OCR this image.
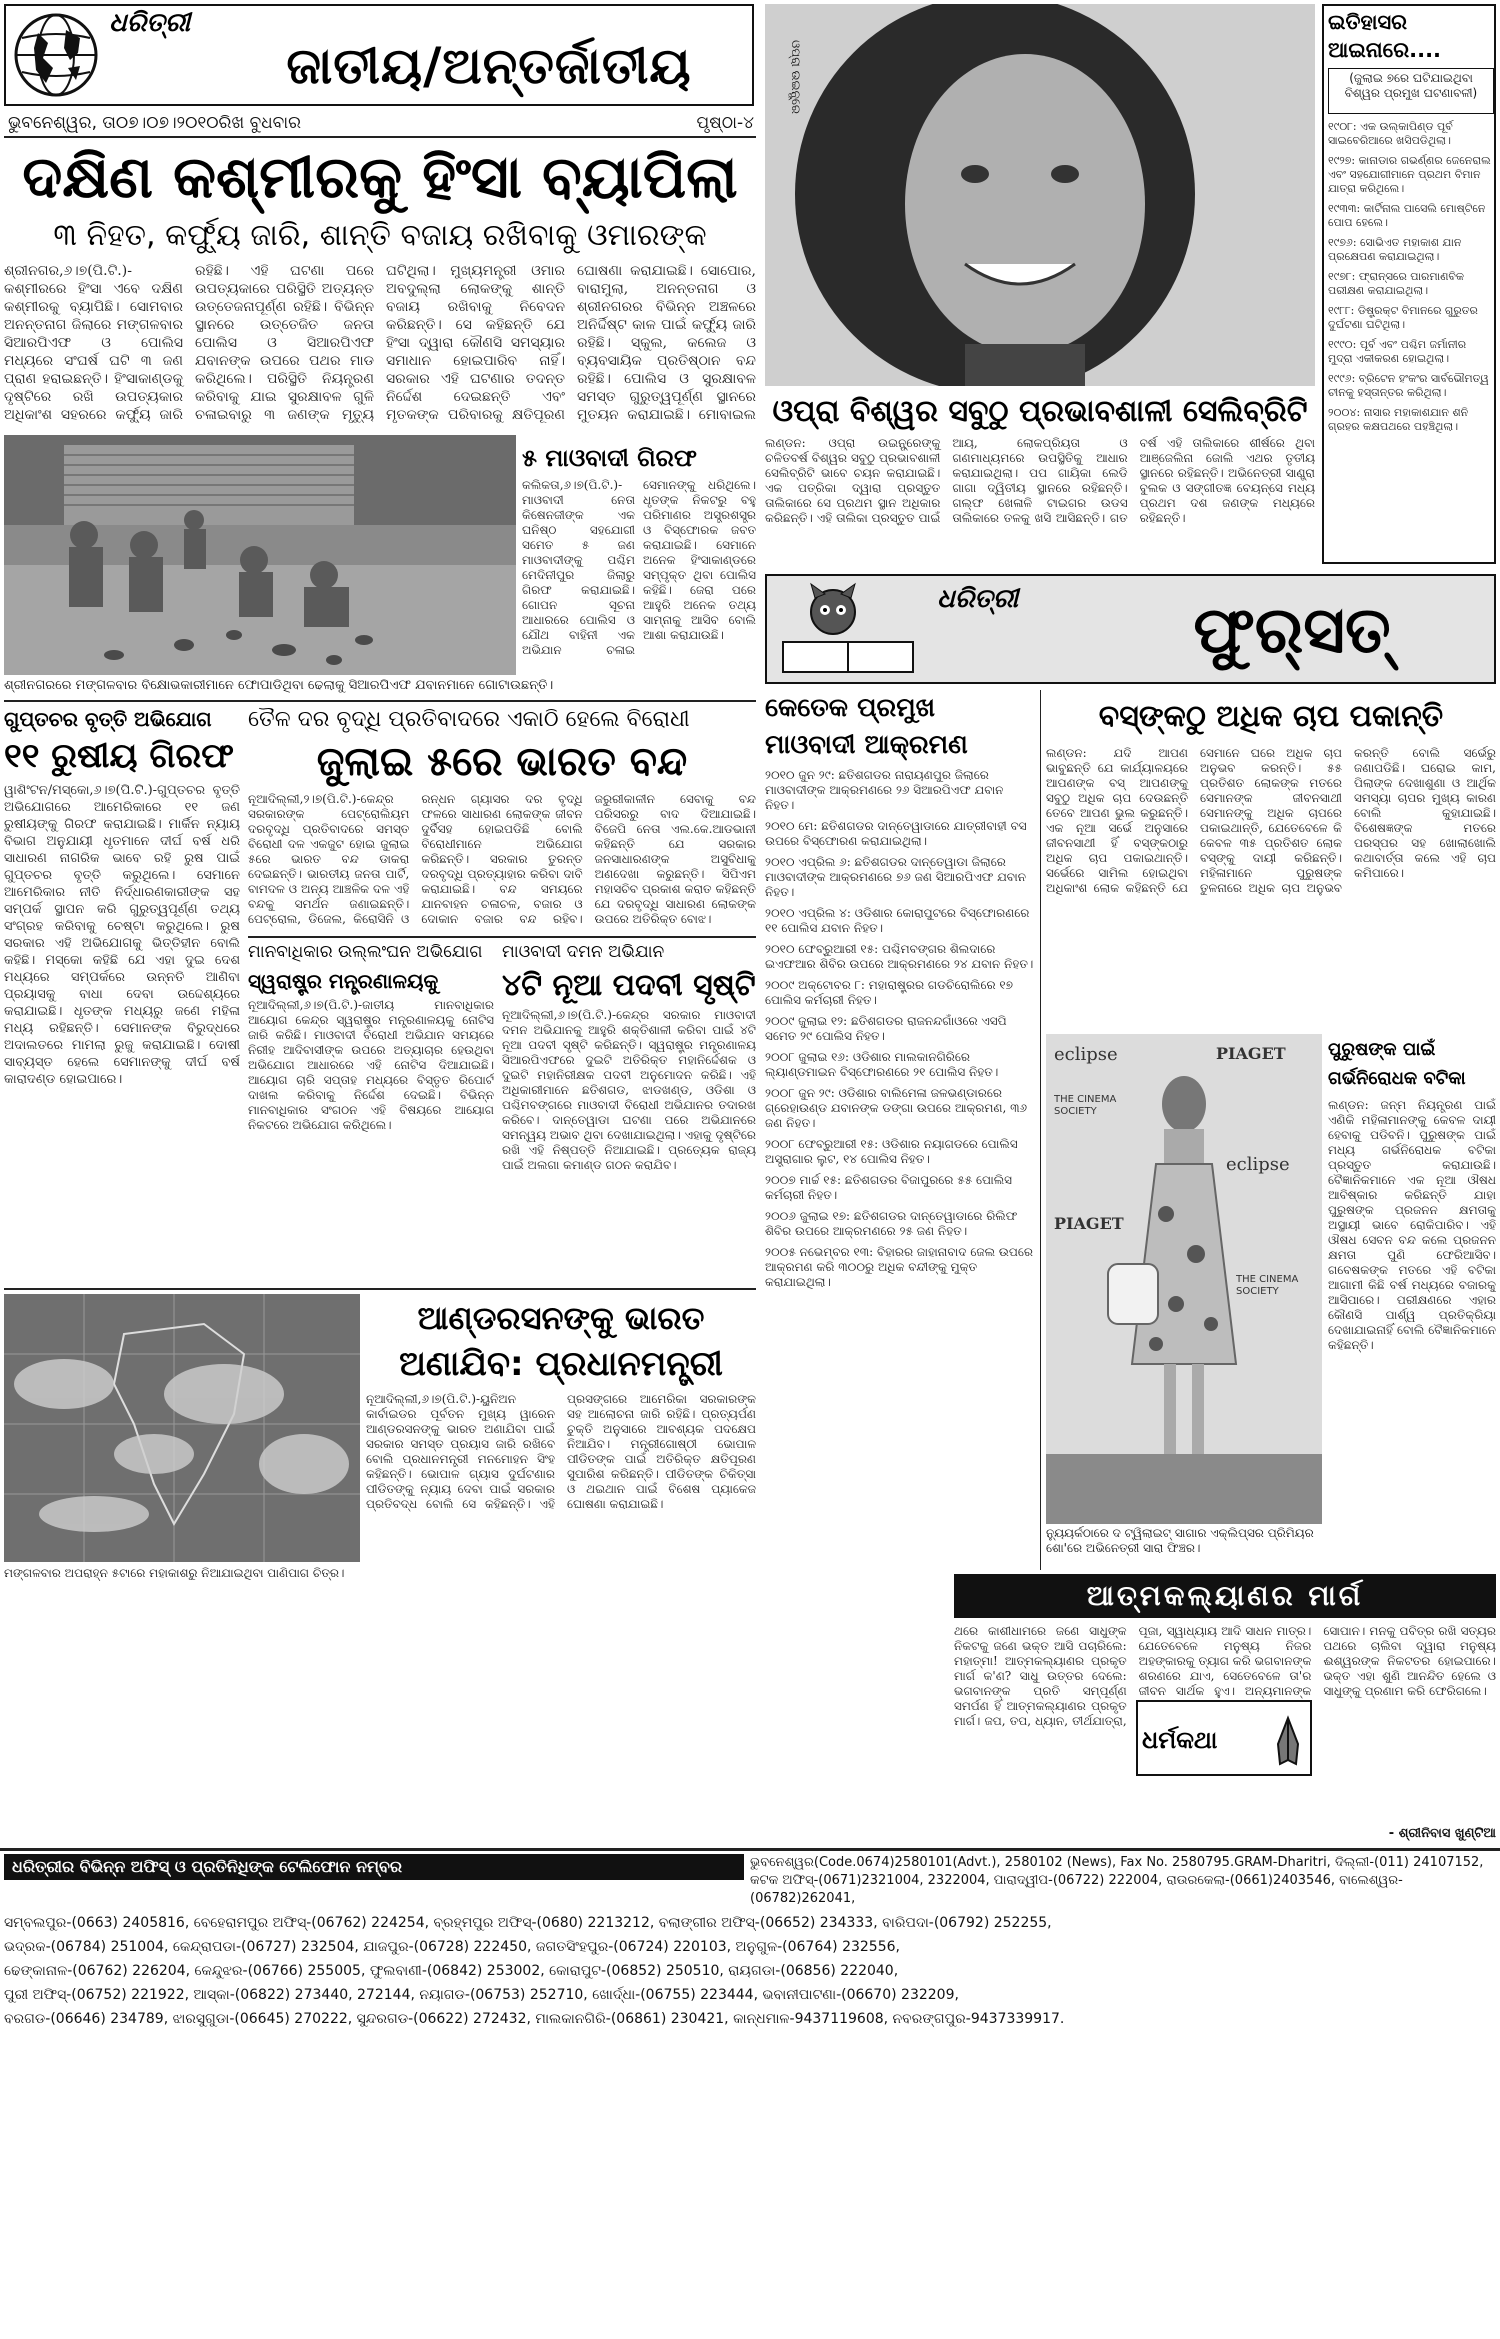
ଧରିତ୍ରୀ
ଜାତୀୟ/ଅନ୍ତର୍ଜାତୀୟ
ଭୁବନେଶ୍ୱର, ତା୦୭।୦୭।୨୦୧୦ରିଖ ବୁଧବାର	ପୃଷ୍ଠା-୪
ଦକ୍ଷିଣ କଶ୍ମୀରକୁ ହିଂସା ବ୍ୟାପିଲା
୩ ନିହତ, କର୍ଫ୍ୟୁ ଜାରି, ଶାନ୍ତି ବଜାୟ ରଖିବାକୁ ଓମାରଙ୍କ
ଶ୍ରୀନଗର,୬।୭(ପି.ଟି.)-କଶ୍ମୀରରେ ହିଂସା ଏବେ ଦକ୍ଷିଣ କଶ୍ମୀରକୁ ବ୍ୟାପିଛି। ସୋମବାର ଅନନ୍ତନାଗ ଜିଲାରେ ମଙ୍ଗଳବାର ସିଆରପିଏଫ ଓ ପୋଲିସ ମଧ୍ୟରେ ସଂଘର୍ଷ ଘଟି ୩ ଜଣ ପ୍ରାଣ ହରାଇଛନ୍ତି। ହିଂସାକାଣ୍ଡକୁ ଦୃଷ୍ଟିରେ ରଖି ଉପତ୍ୟକାର ଅଧିକାଂଶ ସହରରେ କର୍ଫ୍ୟୁ ଜାରି ରହିଛି। ଏହି ଘଟଣା ପରେ ଉପତ୍ୟକାରେ ପରିସ୍ଥିତି ଅତ୍ୟନ୍ତ ଉତ୍ତେଜନାପୂର୍ଣ୍ଣ ରହିଛି। ବିଭିନ୍ନ ସ୍ଥାନରେ ଉତ୍ତେଜିତ ଜନତା ପୋଲିସ ଓ ସିଆରପିଏଫ ଯବାନଙ୍କ ଉପରେ ପଥର ମାଡ କରିଥିଲେ। ପରିସ୍ଥିତି ନିୟନ୍ତ୍ରଣ କରିବାକୁ ଯାଇ ସୁରକ୍ଷାବଳ ଗୁଳି ଚଳାଇବାରୁ ୩ ଜଣଙ୍କ ମୃତ୍ୟୁ ଘଟିଥିଲା। ମୁଖ୍ୟମନ୍ତ୍ରୀ ଓମାର ଅବଦୁଲ୍ଲା ଲୋକଙ୍କୁ ଶାନ୍ତି ବଜାୟ ରଖିବାକୁ ନିବେଦନ କରିଛନ୍ତି। ସେ କହିଛନ୍ତି ଯେ ହିଂସା ଦ୍ୱାରା କୌଣସି ସମସ୍ୟାର ସମାଧାନ ହୋଇପାରିବ ନାହିଁ। ସରକାର ଏହି ଘଟଣାର ତଦନ୍ତ ନିର୍ଦ୍ଦେଶ ଦେଇଛନ୍ତି ଏବଂ ମୃତକଙ୍କ ପରିବାରକୁ କ୍ଷତିପୂରଣ ଘୋଷଣା କରାଯାଇଛି। ସୋପୋର, ବାରାମୁଲା, ଅନନ୍ତନାଗ ଓ ଶ୍ରୀନଗରର ବିଭିନ୍ନ ଅଞ୍ଚଳରେ ଅନିର୍ଦ୍ଦିଷ୍ଟ କାଳ ପାଇଁ କର୍ଫ୍ୟୁ ଜାରି ରହିଛି। ସ୍କୁଲ, କଲେଜ ଓ ବ୍ୟବସାୟିକ ପ୍ରତିଷ୍ଠାନ ବନ୍ଦ ରହିଛି। ପୋଲିସ ଓ ସୁରକ୍ଷାବଳ ସମସ୍ତ ଗୁରୁତ୍ୱପୂର୍ଣ୍ଣ ସ୍ଥାନରେ ମୁତୟନ କରାଯାଇଛି। ମୋବାଇଲ
ଶ୍ରୀନଗରରେ ମଙ୍ଗଳବାର ବିକ୍ଷୋଭକାରୀମାନେ ଫୋପାଡିଥିବା ଢେଲାକୁ ସିଆରପିଏଫ ଯବାନମାନେ ଗୋଟାଉଛନ୍ତି।
୫ ମାଓବାଦୀ ଗିରଫ
କଲିକତା,୬।୭(ପି.ଟି.)-ମାଓବାଦୀ ନେତା କିଷେନଜୀଙ୍କ ଏକ ଘନିଷ୍ଠ ସହଯୋଗୀ ସମେତ ୫ ଜଣ ମାଓବାଦୀଙ୍କୁ ପଶ୍ଚିମ ମେଦିନୀପୁର ଜିଲାରୁ ଗିରଫ କରାଯାଇଛି। ଗୋପନ ସୂଚନା ଆଧାରରେ ପୋଲିସ ଓ ଯୌଥ ବାହିନୀ ଏକ ଅଭିଯାନ ଚଳାଇ ସେମାନଙ୍କୁ ଧରିଥିଲେ। ଧୃତଙ୍କ ନିକଟରୁ ବହୁ ପରିମାଣର ଅସ୍ତ୍ରଶସ୍ତ୍ର ଓ ବିସ୍ଫୋରକ ଜବତ କରାଯାଇଛି। ସେମାନେ ଅନେକ ହିଂସାକାଣ୍ଡରେ ସମ୍ପୃକ୍ତ ଥିବା ପୋଲିସ କହିଛି। ଜେରା ପରେ ଆହୁରି ଅନେକ ତଥ୍ୟ ସାମ୍ନାକୁ ଆସିବ ବୋଲି ଆଶା କରାଯାଉଛି।
ଗୁପ୍ତଚର ବୃତ୍ତି ଅଭିଯୋଗ
୧୧ ରୁଷୀୟ ଗିରଫ
ୱାଶିଂଟନ/ମସ୍କୋ,୬।୭(ପି.ଟି.)-ଗୁପ୍ତଚର ବୃତ୍ତି ଅଭିଯୋଗରେ ଆମେରିକାରେ ୧୧ ଜଣ ରୁଷୀୟଙ୍କୁ ଗିରଫ କରାଯାଇଛି। ମାର୍କିନ ନ୍ୟାୟ ବିଭାଗ ଅନୁଯାୟୀ ଧୃତମାନେ ଦୀର୍ଘ ବର୍ଷ ଧରି ସାଧାରଣ ନାଗରିକ ଭାବେ ରହି ରୁଷ ପାଇଁ ଗୁପ୍ତଚର ବୃତ୍ତି କରୁଥିଲେ। ସେମାନେ ଆମେରିକାର ନୀତି ନିର୍ଦ୍ଧାରଣକାରୀଙ୍କ ସହ ସମ୍ପର୍କ ସ୍ଥାପନ କରି ଗୁରୁତ୍ୱପୂର୍ଣ୍ଣ ତଥ୍ୟ ସଂଗ୍ରହ କରିବାକୁ ଚେଷ୍ଟା କରୁଥିଲେ। ରୁଷ ସରକାର ଏହି ଅଭିଯୋଗକୁ ଭିତ୍ତିହୀନ ବୋଲି କହିଛି। ମସ୍କୋ କହିଛି ଯେ ଏହା ଦୁଇ ଦେଶ ମଧ୍ୟରେ ସମ୍ପର୍କରେ ଉନ୍ନତି ଆଣିବା ପ୍ରୟାସକୁ ବାଧା ଦେବା ଉଦ୍ଦେଶ୍ୟରେ କରାଯାଇଛି। ଧୃତଙ୍କ ମଧ୍ୟରୁ ଜଣେ ମହିଳା ମଧ୍ୟ ରହିଛନ୍ତି। ସେମାନଙ୍କ ବିରୁଦ୍ଧରେ ଅଦାଲତରେ ମାମଲା ରୁଜୁ କରାଯାଇଛି। ଦୋଷୀ ସାବ୍ୟସ୍ତ ହେଲେ ସେମାନଙ୍କୁ ଦୀର୍ଘ ବର୍ଷ କାରାଦଣ୍ଡ ହୋଇପାରେ।
ତୈଳ ଦର ବୃଦ୍ଧି ପ୍ରତିବାଦରେ ଏକାଠି ହେଲେ ବିରୋଧୀ
ଜୁଲାଇ ୫ରେ ଭାରତ ବନ୍ଦ
ନୂଆଦିଲ୍ଲୀ,୨।୭(ପି.ଟି.)-କେନ୍ଦ୍ର ସରକାରଙ୍କ ପେଟ୍ରୋଲିୟମ ଦରବୃଦ୍ଧି ପ୍ରତିବାଦରେ ସମସ୍ତ ବିରୋଧୀ ଦଳ ଏକଜୁଟ ହୋଇ ଜୁଲାଇ ୫ରେ ଭାରତ ବନ୍ଦ ଡାକରା ଦେଇଛନ୍ତି। ଭାରତୀୟ ଜନତା ପାର୍ଟି, ବାମଦଳ ଓ ଅନ୍ୟ ଆଞ୍ଚଳିକ ଦଳ ଏହି ବନ୍ଦକୁ ସମର୍ଥନ ଜଣାଇଛନ୍ତି। ପେଟ୍ରୋଲ, ଡିଜେଲ, କିରୋସିନି ଓ ରନ୍ଧନ ଗ୍ୟାସର ଦର ବୃଦ୍ଧି ଫଳରେ ସାଧାରଣ ଲୋକଙ୍କ ଜୀବନ ଦୁର୍ବିସହ ହୋଇପଡିଛି ବୋଲି ବିରୋଧୀମାନେ ଅଭିଯୋଗ କରିଛନ୍ତି। ସରକାର ତୁରନ୍ତ ଦରବୃଦ୍ଧି ପ୍ରତ୍ୟାହାର କରିବା ଦାବି କରାଯାଇଛି। ବନ୍ଦ ସମୟରେ ଯାନବାହନ ଚଳାଚଳ, ବଜାର ଓ ଦୋକାନ ବଜାର ବନ୍ଦ ରହିବ। ଜରୁରୀକାଳୀନ ସେବାକୁ ବନ୍ଦ ପରିସରରୁ ବାଦ ଦିଆଯାଇଛି। ବିଜେପି ନେତା ଏଲ.କେ.ଆଡଭାନୀ କହିଛନ୍ତି ଯେ ସରକାର ଜନସାଧାରଣଙ୍କ ଅସୁବିଧାକୁ ଅଣଦେଖା କରୁଛନ୍ତି। ସିପିଏମ ମହାସଚିବ ପ୍ରକାଶ କରାତ କହିଛନ୍ତି ଯେ ଦରବୃଦ୍ଧି ସାଧାରଣ ଲୋକଙ୍କ ଉପରେ ଅତିରିକ୍ତ ବୋଝ।
ମାନବାଧିକାର ଉଲ୍ଲଂଘନ ଅଭିଯୋଗ
ସ୍ୱରାଷ୍ଟ୍ର ମନ୍ତ୍ରଣାଳୟକୁ
ନୂଆଦିଲ୍ଲୀ,୬।୭(ପି.ଟି.)-ଜାତୀୟ ମାନବାଧିକାର ଆୟୋଗ କେନ୍ଦ୍ର ସ୍ୱରାଷ୍ଟ୍ର ମନ୍ତ୍ରଣାଳୟକୁ ନୋଟିସ ଜାରି କରିଛି। ମାଓବାଦୀ ବିରୋଧୀ ଅଭିଯାନ ସମୟରେ ନିରୀହ ଆଦିବାସୀଙ୍କ ଉପରେ ଅତ୍ୟାଚାର ହେଉଥିବା ଅଭିଯୋଗ ଆଧାରରେ ଏହି ନୋଟିସ ଦିଆଯାଇଛି। ଆୟୋଗ ଚାରି ସପ୍ତାହ ମଧ୍ୟରେ ବିସ୍ତୃତ ରିପୋର୍ଟ ଦାଖଲ କରିବାକୁ ନିର୍ଦ୍ଦେଶ ଦେଇଛି। ବିଭିନ୍ନ ମାନବାଧିକାର ସଂଗଠନ ଏହି ବିଷୟରେ ଆୟୋଗ ନିକଟରେ ଅଭିଯୋଗ କରିଥିଲେ।
ମାଓବାଦୀ ଦମନ ଅଭିଯାନ
୪ଟି ନୂଆ ପଦବୀ ସୃଷ୍ଟି
ନୂଆଦିଲ୍ଲୀ,୬।୭(ପି.ଟି.)-କେନ୍ଦ୍ର ସରକାର ମାଓବାଦୀ ଦମନ ଅଭିଯାନକୁ ଆହୁରି ଶକ୍ତିଶାଳୀ କରିବା ପାଇଁ ୪ଟି ନୂଆ ପଦବୀ ସୃଷ୍ଟି କରିଛନ୍ତି। ସ୍ୱରାଷ୍ଟ୍ର ମନ୍ତ୍ରଣାଳୟ ସିଆରପିଏଫରେ ଦୁଇଟି ଅତିରିକ୍ତ ମହାନିର୍ଦ୍ଦେଶକ ଓ ଦୁଇଟି ମହାନିରୀକ୍ଷକ ପଦବୀ ଅନୁମୋଦନ କରିଛି। ଏହି ଅଧିକାରୀମାନେ ଛତିଶଗଡ, ଝାଡଖଣ୍ଡ, ଓଡିଶା ଓ ପଶ୍ଚିମବଙ୍ଗରେ ମାଓବାଦୀ ବିରୋଧୀ ଅଭିଯାନର ତଦାରଖ କରିବେ। ଦାନ୍ତେୱାଡା ଘଟଣା ପରେ ଅଭିଯାନରେ ସମନ୍ୱୟ ଅଭାବ ଥିବା ଦେଖାଯାଇଥିଲା। ଏହାକୁ ଦୃଷ୍ଟିରେ ରଖି ଏହି ନିଷ୍ପତ୍ତି ନିଆଯାଇଛି। ପ୍ରତ୍ୟେକ ରାଜ୍ୟ ପାଇଁ ଅଲଗା କମାଣ୍ଡ ଗଠନ କରାଯିବ।
ମଙ୍ଗଳବାର ଅପରାହ୍ନ ୫ଟାରେ ମହାକାଶରୁ ନିଆଯାଇଥିବା ପାଣିପାଗ ଚିତ୍ର।
ଆଣ୍ଡରସନଙ୍କୁ ଭାରତ
ଅଣାଯିବ: ପ୍ରଧାନମନ୍ତ୍ରୀ
ନୂଆଦିଲ୍ଲୀ,୬।୭(ପି.ଟି.)-ୟୁନିଅନ କାର୍ବାଇଡର ପୂର୍ବତନ ମୁଖ୍ୟ ୱାରେନ ଆଣ୍ଡରସନଙ୍କୁ ଭାରତ ଅଣାଯିବା ପାଇଁ ସରକାର ସମସ୍ତ ପ୍ରୟାସ ଜାରି ରଖିବେ ବୋଲି ପ୍ରଧାନମନ୍ତ୍ରୀ ମନମୋହନ ସିଂହ କହିଛନ୍ତି। ଭୋପାଳ ଗ୍ୟାସ ଦୁର୍ଘଟଣାର ପୀଡିତଙ୍କୁ ନ୍ୟାୟ ଦେବା ପାଇଁ ସରକାର ପ୍ରତିବଦ୍ଧ ବୋଲି ସେ କହିଛନ୍ତି। ଏହି ପ୍ରସଙ୍ଗରେ ଆମେରିକା ସରକାରଙ୍କ ସହ ଆଲୋଚନା ଜାରି ରହିଛି। ପ୍ରତ୍ୟର୍ପଣ ଚୁକ୍ତି ଅନୁସାରେ ଆବଶ୍ୟକ ପଦକ୍ଷେପ ନିଆଯିବ। ମନ୍ତ୍ରୀଗୋଷ୍ଠୀ ଭୋପାଳ ପୀଡିତଙ୍କ ପାଇଁ ଅତିରିକ୍ତ କ୍ଷତିପୂରଣ ସୁପାରିଶ କରିଛନ୍ତି। ପୀଡିତଙ୍କ ଚିକିତ୍ସା ଓ ଥଇଥାନ ପାଇଁ ବିଶେଷ ପ୍ୟାକେଜ ଘୋଷଣା କରାଯାଇଛି।
ଓପ୍ରା ଉଇନ୍ଫ୍ରେ
ଓପ୍ରା ବିଶ୍ୱର ସବୁଠୁ ପ୍ରଭାବଶାଳୀ ସେଲିବ୍ରିଟି
ଲଣ୍ଡନ: ଓପ୍ରା ଉଇନ୍ଫ୍ରେଙ୍କୁ ଚଳିତବର୍ଷ ବିଶ୍ୱର ସବୁଠୁ ପ୍ରଭାବଶାଳୀ ସେଲିବ୍ରିଟି ଭାବେ ଚୟନ କରାଯାଇଛି। ଏକ ପତ୍ରିକା ଦ୍ୱାରା ପ୍ରସ୍ତୁତ ତାଲିକାରେ ସେ ପ୍ରଥମ ସ୍ଥାନ ଅଧିକାର କରିଛନ୍ତି। ଏହି ତାଲିକା ପ୍ରସ୍ତୁତ ପାଇଁ ଆୟ, ଲୋକପ୍ରିୟତା ଓ ଗଣମାଧ୍ୟମରେ ଉପସ୍ଥିତିକୁ ଆଧାର କରାଯାଇଥିଲା। ପପ ଗାୟିକା ଲେଡି ଗାଗା ଦ୍ୱିତୀୟ ସ୍ଥାନରେ ରହିଛନ୍ତି। ଗଲ୍ଫ ଖେଳାଳି ଟାଇଗର ଉଡସ ତାଲିକାରେ ତଳକୁ ଖସି ଆସିଛନ୍ତି। ଗତ ବର୍ଷ ଏହି ତାଲିକାରେ ଶୀର୍ଷରେ ଥିବା ଆଞ୍ଜେଲିନା ଜୋଲି ଏଥର ତୃତୀୟ ସ୍ଥାନରେ ରହିଛନ୍ତି। ଅଭିନେତ୍ରୀ ସାଣ୍ଡ୍ରା ବୁଲକ ଓ ସଙ୍ଗୀତଜ୍ଞ ବେୟନ୍ସେ ମଧ୍ୟ ପ୍ରଥମ ଦଶ ଜଣଙ୍କ ମଧ୍ୟରେ ରହିଛନ୍ତି।
ଇତିହାସର
ଆଇନାରେ....
(ଜୁଲାଇ ୭ରେ ଘଟିଯାଇଥିବା ବିଶ୍ୱର ପ୍ରମୁଖ ଘଟଣାବଳୀ)
୧୯୦୮: ଏକ ଉଲ୍କାପିଣ୍ଡ ପୂର୍ବ ସାଇବେରିଆରେ ଖସିପଡିଥିଲା।
୧୯୨୭: କାନାଡାର ଗଭର୍ଣ୍ଣର ଜେନେରାଲ ଏବଂ ସହଯୋଗୀମାନେ ପ୍ରଥମ ବିମାନ ଯାତ୍ରା କରିଥିଲେ।
୧୯୩୩: କାର୍ଟିନାଲ ପାସେଲି ମୋଷ୍ଟିନେ ପୋପ ହେଲେ।
୧୯୭୬: ସୋଭିଏତ ମହାକାଶ ଯାନ ପ୍ରକ୍ଷେପଣ କରାଯାଇଥିଲା।
୧୯୭୮: ଫ୍ରାନ୍ସରେ ପାରମାଣବିକ ପରୀକ୍ଷଣ କରାଯାଇଥିଲା।
୧୯୮୮: ଡିଷ୍ଟ୍ରକ୍ଟ ବିମାନରେ ଗୁରୁତର ଦୁର୍ଘଟଣା ଘଟିଥିଲା।
୧୯୯୦: ପୂର୍ବ ଏବଂ ପଶ୍ଚିମ ଜର୍ମାନୀର ମୁଦ୍ରା ଏକୀକରଣ ହୋଇଥିଲା।
୧୯୯୬: ବ୍ରିଟେନ ହଂକଂର ସାର୍ବଭୌମତ୍ୱ ଚୀନକୁ ହସ୍ତାନ୍ତର କରିଥିଲା।
୨୦୦୪: ନାସାର ମହାକାଶଯାନ ଶନି ଗ୍ରହର କକ୍ଷପଥରେ ପହଞ୍ଚିଥିଲା।
ଧରିତ୍ରୀ	ଫୁର୍‌ସତ୍
କେତେକ ପ୍ରମୁଖ
ମାଓବାଦୀ ଆକ୍ରମଣ
୨୦୧୦ ଜୁନ ୨୯: ଛତିଶଗଡର ନାରାୟଣପୁର ଜିଲାରେ ମାଓବାଦୀଙ୍କ ଆକ୍ରମଣରେ ୨୬ ସିଆରପିଏଫ ଯବାନ ନିହତ।
୨୦୧୦ ମେ: ଛତିଶଗଡର ଦାନ୍ତେୱାଡାରେ ଯାତ୍ରୀବାହୀ ବସ ଉପରେ ବିସ୍ଫୋରଣ କରାଯାଇଥିଲା।
୨୦୧୦ ଏପ୍ରିଲ ୬: ଛତିଶଗଡର ଦାନ୍ତେୱାଡା ଜିଲାରେ ମାଓବାଦୀଙ୍କ ଆକ୍ରମଣରେ ୭୬ ଜଣ ସିଆରପିଏଫ ଯବାନ ନିହତ।
୨୦୧୦ ଏପ୍ରିଲ ୪: ଓଡିଶାର କୋରାପୁଟରେ ବିସ୍ଫୋରଣରେ ୧୧ ପୋଲିସ ଯବାନ ନିହତ।
୨୦୧୦ ଫେବ୍ରୁଆରୀ ୧୫: ପଶ୍ଚିମବଙ୍ଗର ଶିଲଦାରେ ଇଏଫଆର ଶିବିର ଉପରେ ଆକ୍ରମଣରେ ୨୪ ଯବାନ ନିହତ।
୨୦୦୯ ଅକ୍ଟୋବର ୮: ମହାରାଷ୍ଟ୍ରର ଗଡଚିରୋଲିରେ ୧୭ ପୋଲିସ କର୍ମଚାରୀ ନିହତ।
୨୦୦୯ ଜୁଲାଇ ୧୨: ଛତିଶଗଡର ରାଜନନ୍ଦଗାଁଓରେ ଏସପି ସମେତ ୨୯ ପୋଲିସ ନିହତ।
୨୦୦୮ ଜୁଲାଇ ୧୬: ଓଡିଶାର ମାଲକାନଗିରିରେ ଲ୍ୟାଣ୍ଡମାଇନ ବିସ୍ଫୋରଣରେ ୨୧ ପୋଲିସ ନିହତ।
୨୦୦୮ ଜୁନ ୨୯: ଓଡିଶାର ବାଲିମେଳା ଜଳଭଣ୍ଡାରରେ ଗ୍ରେହାଉଣ୍ଡ ଯବାନଙ୍କ ଡଙ୍ଗା ଉପରେ ଆକ୍ରମଣ, ୩୬ ଜଣ ନିହତ।
୨୦୦୮ ଫେବ୍ରୁଆରୀ ୧୫: ଓଡିଶାର ନୟାଗଡରେ ପୋଲିସ ଅସ୍ତ୍ରାଗାର ଲୁଟ, ୧୪ ପୋଲିସ ନିହତ।
୨୦୦୭ ମାର୍ଚ୍ଚ ୧୫: ଛତିଶଗଡର ବିଜାପୁରରେ ୫୫ ପୋଲିସ କର୍ମଚାରୀ ନିହତ।
୨୦୦୬ ଜୁଲାଇ ୧୭: ଛତିଶଗଡର ଦାନ୍ତେୱାଡାରେ ରିଲିଫ ଶିବିର ଉପରେ ଆକ୍ରମଣରେ ୨୫ ଜଣ ନିହତ।
୨୦୦୫ ନଭେମ୍ବର ୧୩: ବିହାରର ଜାହାନାବାଦ ଜେଲ ଉପରେ ଆକ୍ରମଣ କରି ୩୦୦ରୁ ଅଧିକ ବନ୍ଦୀଙ୍କୁ ମୁକ୍ତ କରାଯାଇଥିଲା।
ବସ୍‌ଙ୍କଠୁ ଅଧିକ ଚାପ ପକାନ୍ତି
ଲଣ୍ଡନ: ଯଦି ଆପଣ ଭାବୁଛନ୍ତି ଯେ କାର୍ଯ୍ୟାଳୟରେ ଆପଣଙ୍କ ବସ୍ ଆପଣଙ୍କୁ ସବୁଠୁ ଅଧିକ ଚାପ ଦେଉଛନ୍ତି ତେବେ ଆପଣ ଭୁଲ କରୁଛନ୍ତି। ଏକ ନୂଆ ସର୍ଭେ ଅନୁସାରେ ଜୀବନସାଥୀ ହିଁ ବସ୍‌ଙ୍କଠାରୁ ଅଧିକ ଚାପ ପକାଇଥାନ୍ତି। ସର୍ଭେରେ ସାମିଲ ହୋଇଥିବା ଅଧିକାଂଶ ଲୋକ କହିଛନ୍ତି ଯେ ସେମାନେ ଘରେ ଅଧିକ ଚାପ ଅନୁଭବ କରନ୍ତି। ୫୫ ପ୍ରତିଶତ ଲୋକଙ୍କ ମତରେ ସେମାନଙ୍କ ଜୀବନସାଥୀ ସେମାନଙ୍କୁ ଅଧିକ ଚାପରେ ପକାଇଥାନ୍ତି, ଯେତେବେଳେ କି କେବଳ ୩୫ ପ୍ରତିଶତ ଲୋକ ବସ୍‌ଙ୍କୁ ଦାୟୀ କରିଛନ୍ତି। ମହିଳାମାନେ ପୁରୁଷଙ୍କ ତୁଳନାରେ ଅଧିକ ଚାପ ଅନୁଭବ କରନ୍ତି ବୋଲି ସର୍ଭେରୁ ଜଣାପଡିଛି। ଘରୋଇ କାମ, ପିଲାଙ୍କ ଦେଖାଶୁଣା ଓ ଆର୍ଥିକ ସମସ୍ୟା ଚାପର ମୁଖ୍ୟ କାରଣ ବୋଲି କୁହାଯାଇଛି। ବିଶେଷଜ୍ଞଙ୍କ ମତରେ ପରସ୍ପର ସହ ଖୋଲାଖୋଲି କଥାବାର୍ତ୍ତା କଲେ ଏହି ଚାପ କମିପାରେ।
eclipse	PIAGET
THE CINEMA SOCIETY
eclipse
PIAGET
THE CINEMA SOCIETY
ନ୍ୟୁୟର୍କଠାରେ ଦ ଟ୍ୱିଲାଇଟ୍ ସାଗାର ଏକ୍ଲିପ୍ସର ପ୍ରିମିୟର ଶୋ'ରେ ଅଭିନେତ୍ରୀ ସାରା ଫିଞ୍ଚର।
ପୁରୁଷଙ୍କ ପାଇଁ
ଗର୍ଭନିରୋଧକ ବଟିକା
ଲଣ୍ଡନ: ଜନ୍ମ ନିୟନ୍ତ୍ରଣ ପାଇଁ ଏଣିକି ମହିଳାମାନଙ୍କୁ କେବଳ ଦାୟୀ ହେବାକୁ ପଡିବନି। ପୁରୁଷଙ୍କ ପାଇଁ ମଧ୍ୟ ଗର୍ଭନିରୋଧକ ବଟିକା ପ୍ରସ୍ତୁତ କରାଯାଉଛି। ବୈଜ୍ଞାନିକମାନେ ଏକ ନୂଆ ଔଷଧ ଆବିଷ୍କାର କରିଛନ୍ତି ଯାହା ପୁରୁଷଙ୍କ ପ୍ରଜନନ କ୍ଷମତାକୁ ଅସ୍ଥାୟୀ ଭାବେ ରୋକିପାରିବ। ଏହି ଔଷଧ ସେବନ ବନ୍ଦ କଲେ ପ୍ରଜନନ କ୍ଷମତା ପୁଣି ଫେରିଆସିବ। ଗବେଷକଙ୍କ ମତରେ ଏହି ବଟିକା ଆଗାମୀ କିଛି ବର୍ଷ ମଧ୍ୟରେ ବଜାରକୁ ଆସିପାରେ। ପରୀକ୍ଷଣରେ ଏହାର କୌଣସି ପାର୍ଶ୍ୱ ପ୍ରତିକ୍ରିୟା ଦେଖାଯାଇନାହିଁ ବୋଲି ବୈଜ୍ଞାନିକମାନେ କହିଛନ୍ତି।
ଆତ୍ମକଲ୍ୟାଣର ମାର୍ଗ
ଥରେ କାଶୀଧାମରେ ଜଣେ ସାଧୁଙ୍କ ନିକଟକୁ ଜଣେ ଭକ୍ତ ଆସି ପଚାରିଲେ: ମହାତ୍ମା! ଆତ୍ମକଲ୍ୟାଣର ପ୍ରକୃତ ମାର୍ଗ କ'ଣ? ସାଧୁ ଉତ୍ତର ଦେଲେ: ଭଗବାନଙ୍କ ପ୍ରତି ସମ୍ପୂର୍ଣ୍ଣ ସମର୍ପଣ ହିଁ ଆତ୍ମକଲ୍ୟାଣର ପ୍ରକୃତ ମାର୍ଗ। ଜପ, ତପ, ଧ୍ୟାନ, ତୀର୍ଥଯାତ୍ରା, ପୂଜା, ସ୍ୱାଧ୍ୟାୟ ଆଦି ସାଧନ ମାତ୍ର। ଯେତେବେଳେ ମନୁଷ୍ୟ ନିଜର ଅହଙ୍କାରକୁ ତ୍ୟାଗ କରି ଭଗବାନଙ୍କ ଶରଣରେ ଯାଏ, ସେତେବେଳେ ତା'ର ଜୀବନ ସାର୍ଥକ ହୁଏ। ଅନ୍ୟମାନଙ୍କ ସୋପାନ। ମନକୁ ପବିତ୍ର ରଖି ସତ୍ୟର ପଥରେ ଚାଲିବା ଦ୍ୱାରା ମନୁଷ୍ୟ ଈଶ୍ୱରଙ୍କ ନିକଟତର ହୋଇପାରେ। ଭକ୍ତ ଏହା ଶୁଣି ଆନନ୍ଦିତ ହେଲେ ଓ ସାଧୁଙ୍କୁ ପ୍ରଣାମ କରି ଫେରିଗଲେ।
ଧର୍ମକଥା
- ଶ୍ରୀନିବାସ ଖୁଣ୍ଟିଆ
ଧରିତ୍ରୀର ବିଭିନ୍ନ ଅଫିସ୍ ଓ ପ୍ରତିନିଧିଙ୍କ ଟେଲିଫୋନ ନମ୍ବର	ଭୁବନେଶ୍ୱର(Code.0674)2580101(Advt.), 2580102 (News), Fax No. 2580795.GRAM-Dharitri, ଦିଲ୍ଲୀ-(011) 24107152, କଟକ ଅଫିସ୍-(0671)2321004, 2322004, ପାରାଦ୍ୱୀପ-(06722) 222004, ରାଉରକେଲା-(0661)2403546, ବାଲେଶ୍ୱର-(06782)262041,
ସମ୍ବଲପୁର-(0663) 2405816, ବେହେରାମପୁର ଅଫିସ୍-(06762) 224254, ବ୍ରହ୍ମପୁର ଅଫିସ୍-(0680) 2213212, ବଲାଙ୍ଗୀର ଅଫିସ୍-(06652) 234333, ବାରିପଦା-(06792) 252255,
ଭଦ୍ରକ-(06784) 251004, କେନ୍ଦ୍ରାପଡା-(06727) 232504, ଯାଜପୁର-(06728) 222450, ଜଗତସିଂହପୁର-(06724) 220103, ଅନୁଗୁଳ-(06764) 232556,
ଢେଙ୍କାନାଳ-(06762) 226204, କେନ୍ଦୁଝର-(06766) 255005, ଫୁଲବାଣୀ-(06842) 253002, କୋରାପୁଟ-(06852) 250510, ରାୟଗଡା-(06856) 222040,
ପୁରୀ ଅଫିସ୍-(06752) 221922, ଆସ୍କା-(06822) 273440, 272144, ନୟାଗଡ-(06753) 252710, ଖୋର୍ଦ୍ଧା-(06755) 223444, ଭବାନୀପାଟଣା-(06670) 232209,
ବରଗଡ-(06646) 234789, ଝାରସୁଗୁଡା-(06645) 270222, ସୁନ୍ଦରଗଡ-(06622) 272432, ମାଲକାନଗିରି-(06861) 230421, କାନ୍ଧମାଳ-9437119608, ନବରଙ୍ଗପୁର-9437339917.
